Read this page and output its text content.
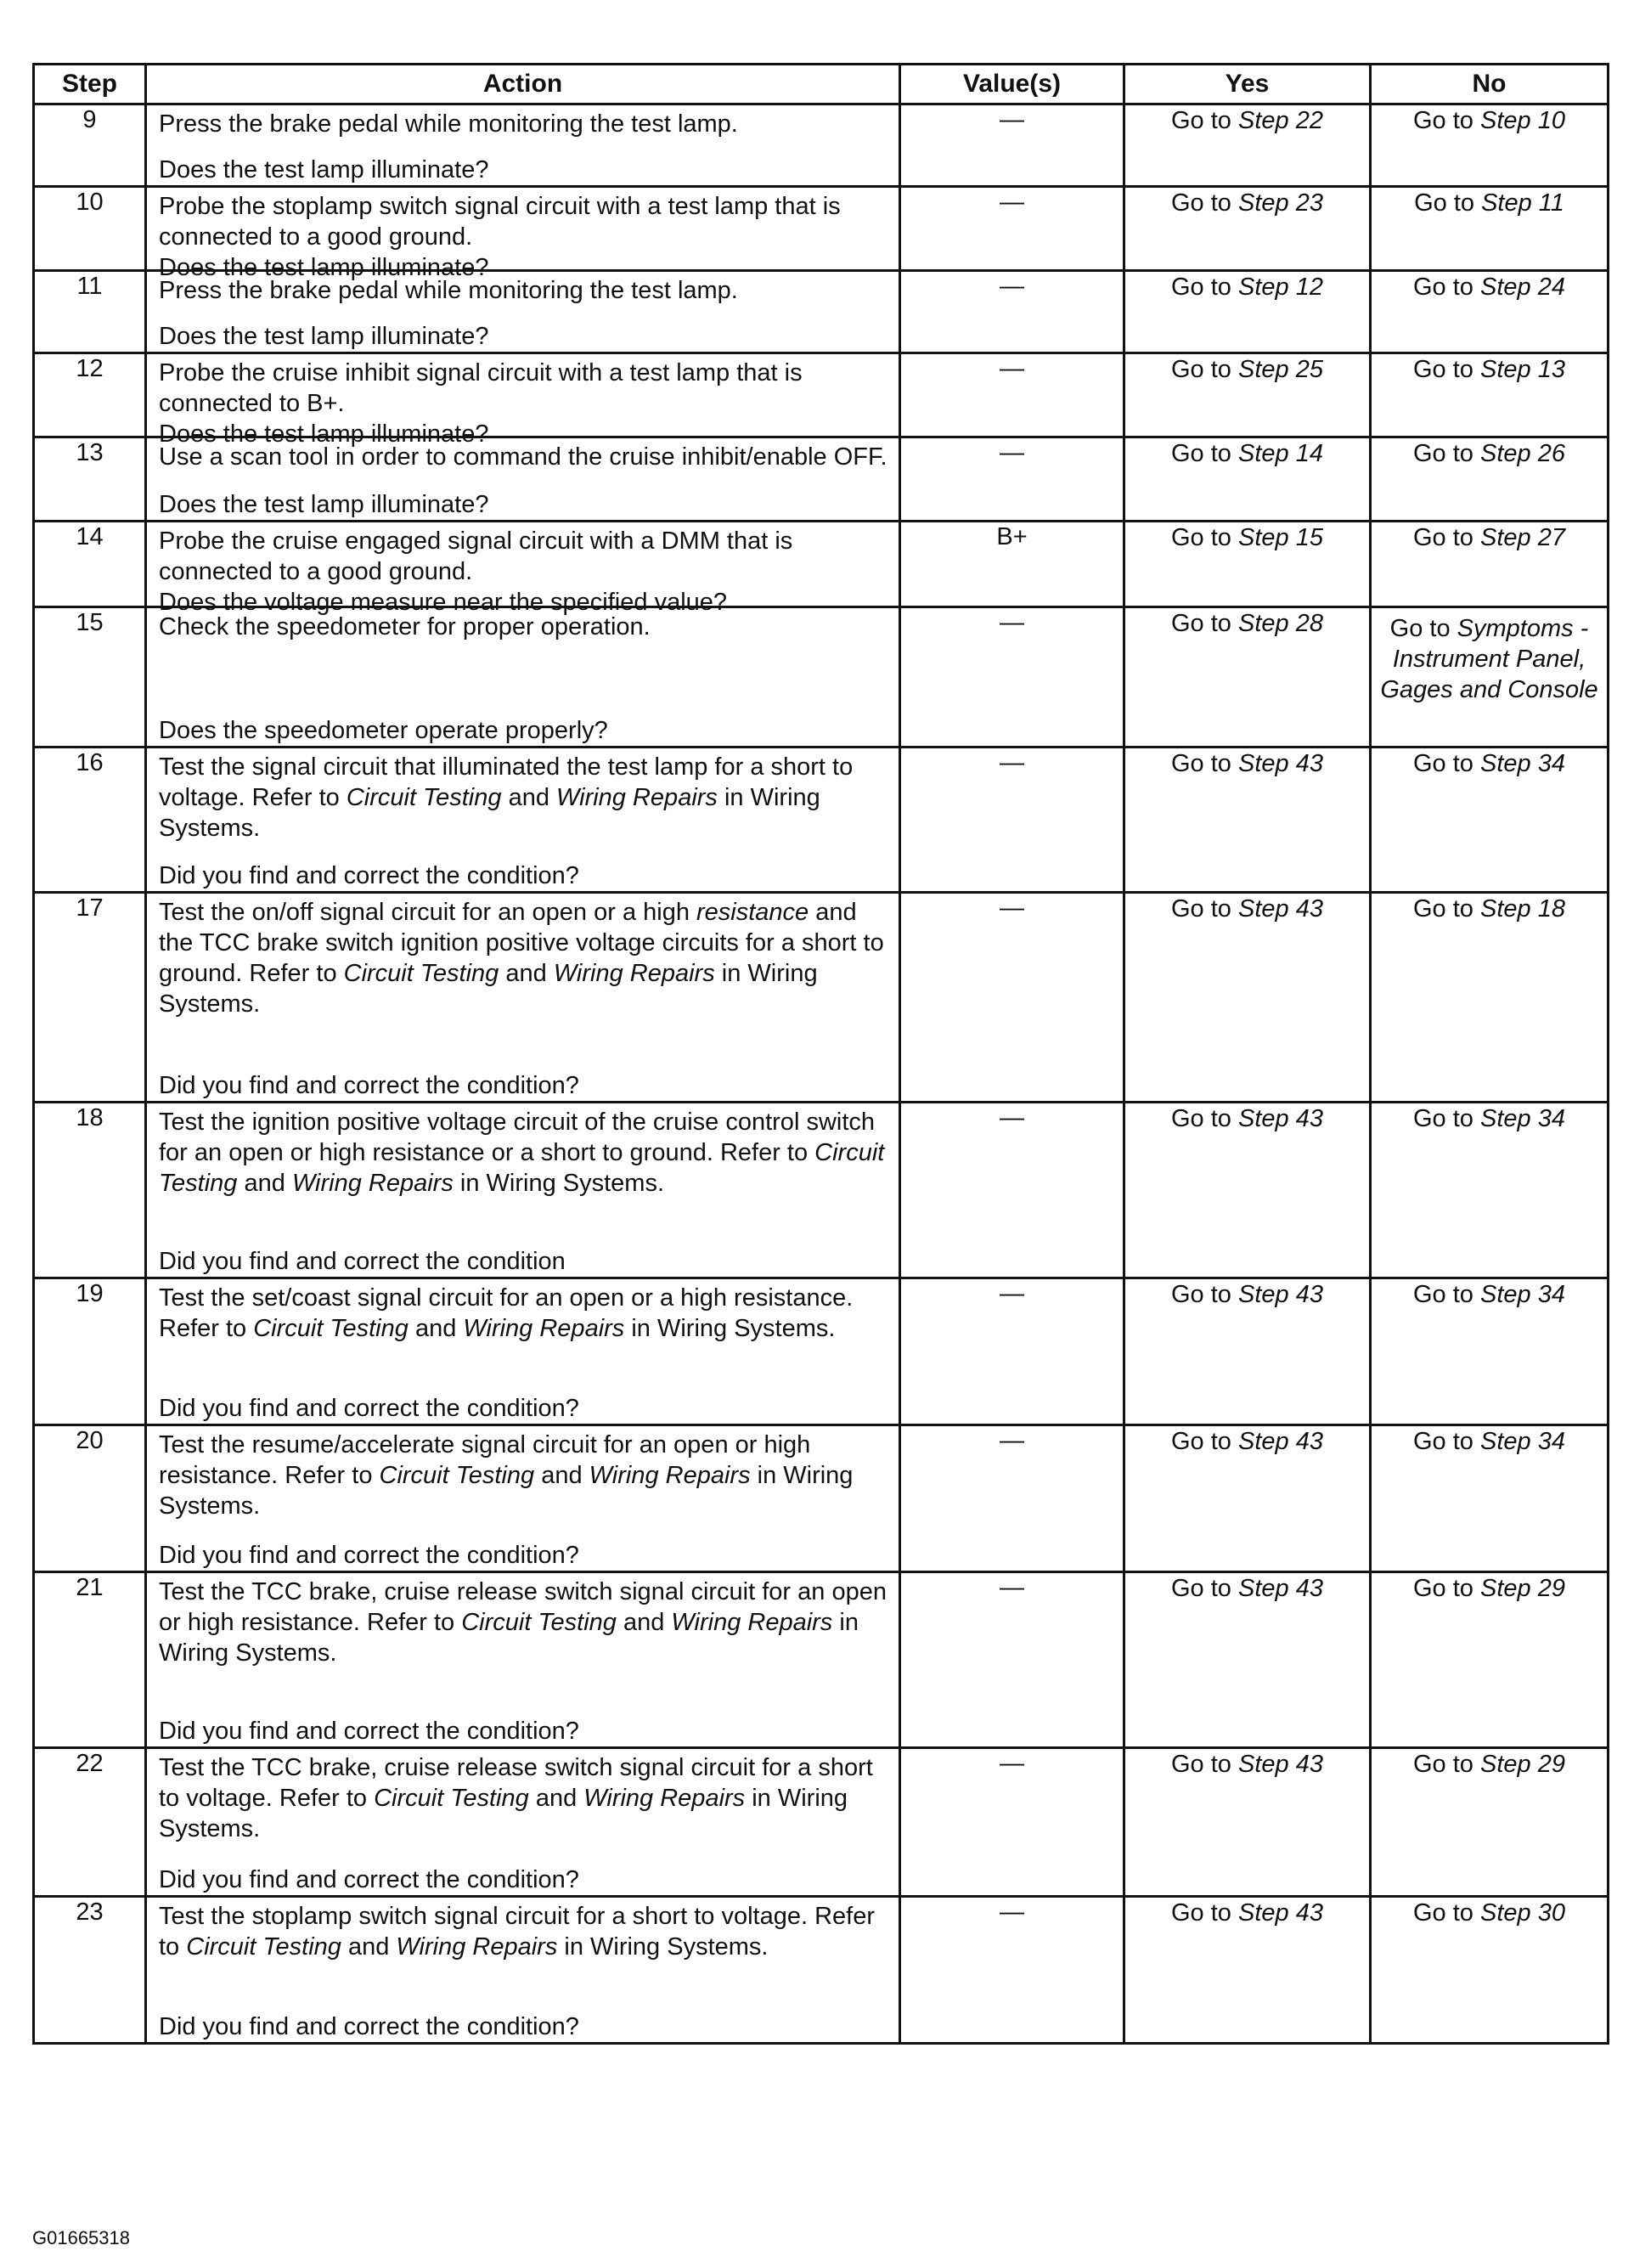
Step	Action	Value(s)	Yes	No
9	Press the brake pedal while monitoring the test lamp.

Does the test lamp illuminate?	—	Go to Step 22	Go to Step 10
10	Probe the stoplamp switch signal circuit with a test lamp that is connected to a good ground.

Does the test lamp illuminate?	—	Go to Step 23	Go to Step 11
11	Press the brake pedal while monitoring the test lamp.

Does the test lamp illuminate?	—	Go to Step 12	Go to Step 24
12	Probe the cruise inhibit signal circuit with a test lamp that is connected to B+.

Does the test lamp illuminate?	—	Go to Step 25	Go to Step 13
13	Use a scan tool in order to command the cruise inhibit/enable OFF.

Does the test lamp illuminate?	—	Go to Step 14	Go to Step 26
14	Probe the cruise engaged signal circuit with a DMM that is connected to a good ground.

Does the voltage measure near the specified value?	B+	Go to Step 15	Go to Step 27
15	Check the speedometer for proper operation.

Does the speedometer operate properly?	—	Go to Step 28	Go to Symptoms - Instrument Panel, Gages and Console
16	Test the signal circuit that illuminated the test lamp for a short to voltage. Refer to Circuit Testing and Wiring Repairs in Wiring Systems.

Did you find and correct the condition?	—	Go to Step 43	Go to Step 34
17	Test the on/off signal circuit for an open or a high resistance and the TCC brake switch ignition positive voltage circuits for a short to ground. Refer to Circuit Testing and Wiring Repairs in Wiring Systems.

Did you find and correct the condition?	—	Go to Step 43	Go to Step 18
18	Test the ignition positive voltage circuit of the cruise control switch for an open or high resistance or a short to ground. Refer to Circuit Testing and Wiring Repairs in Wiring Systems.

Did you find and correct the condition	—	Go to Step 43	Go to Step 34
19	Test the set/coast signal circuit for an open or a high resistance. Refer to Circuit Testing and Wiring Repairs in Wiring Systems.

Did you find and correct the condition?	—	Go to Step 43	Go to Step 34
20	Test the resume/accelerate signal circuit for an open or high resistance. Refer to Circuit Testing and Wiring Repairs in Wiring Systems.

Did you find and correct the condition?	—	Go to Step 43	Go to Step 34
21	Test the TCC brake, cruise release switch signal circuit for an open or high resistance. Refer to Circuit Testing and Wiring Repairs in Wiring Systems.

Did you find and correct the condition?	—	Go to Step 43	Go to Step 29
22	Test the TCC brake, cruise release switch signal circuit for a short to voltage. Refer to Circuit Testing and Wiring Repairs in Wiring Systems.

Did you find and correct the condition?	—	Go to Step 43	Go to Step 29
23	Test the stoplamp switch signal circuit for a short to voltage. Refer to Circuit Testing and Wiring Repairs in Wiring Systems.

Did you find and correct the condition?	—	Go to Step 43	Go to Step 30
G01665318
